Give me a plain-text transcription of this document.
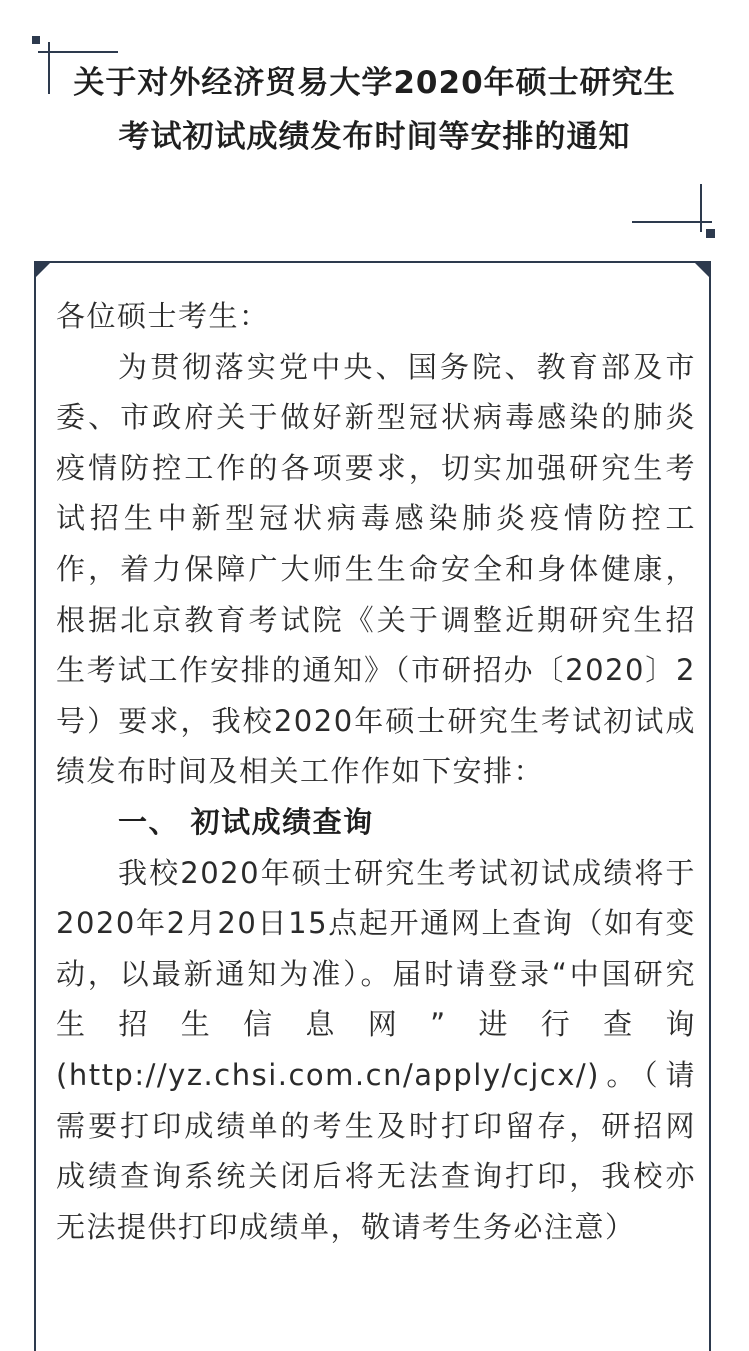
关于对外经济贸易大学2020年硕士研究生考试初试成绩发布时间等安排的通知

各位硕士考生：

为贯彻落实党中央、国务院、教育部及市委、市政府关于做好新型冠状病毒感染的肺炎疫情防控工作的各项要求，切实加强研究生考试招生中新型冠状病毒感染肺炎疫情防控工作，着力保障广大师生生命安全和身体健康，根据北京教育考试院《关于调整近期研究生招生考试工作安排的通知》（市研招办〔2020〕2号）要求，我校2020年硕士研究生考试初试成绩发布时间及相关工作作如下安排：

一、 初试成绩查询

我校2020年硕士研究生考试初试成绩将于2020年2月20日15点起开通网上查询（如有变动，以最新通知为准）。届时请登录“中国研究生招生信息网”进行查询(http://yz.chsi.com.cn/apply/cjcx/)。（请需要打印成绩单的考生及时打印留存，研招网成绩查询系统关闭后将无法查询打印，我校亦无法提供打印成绩单，敬请考生务必注意）
